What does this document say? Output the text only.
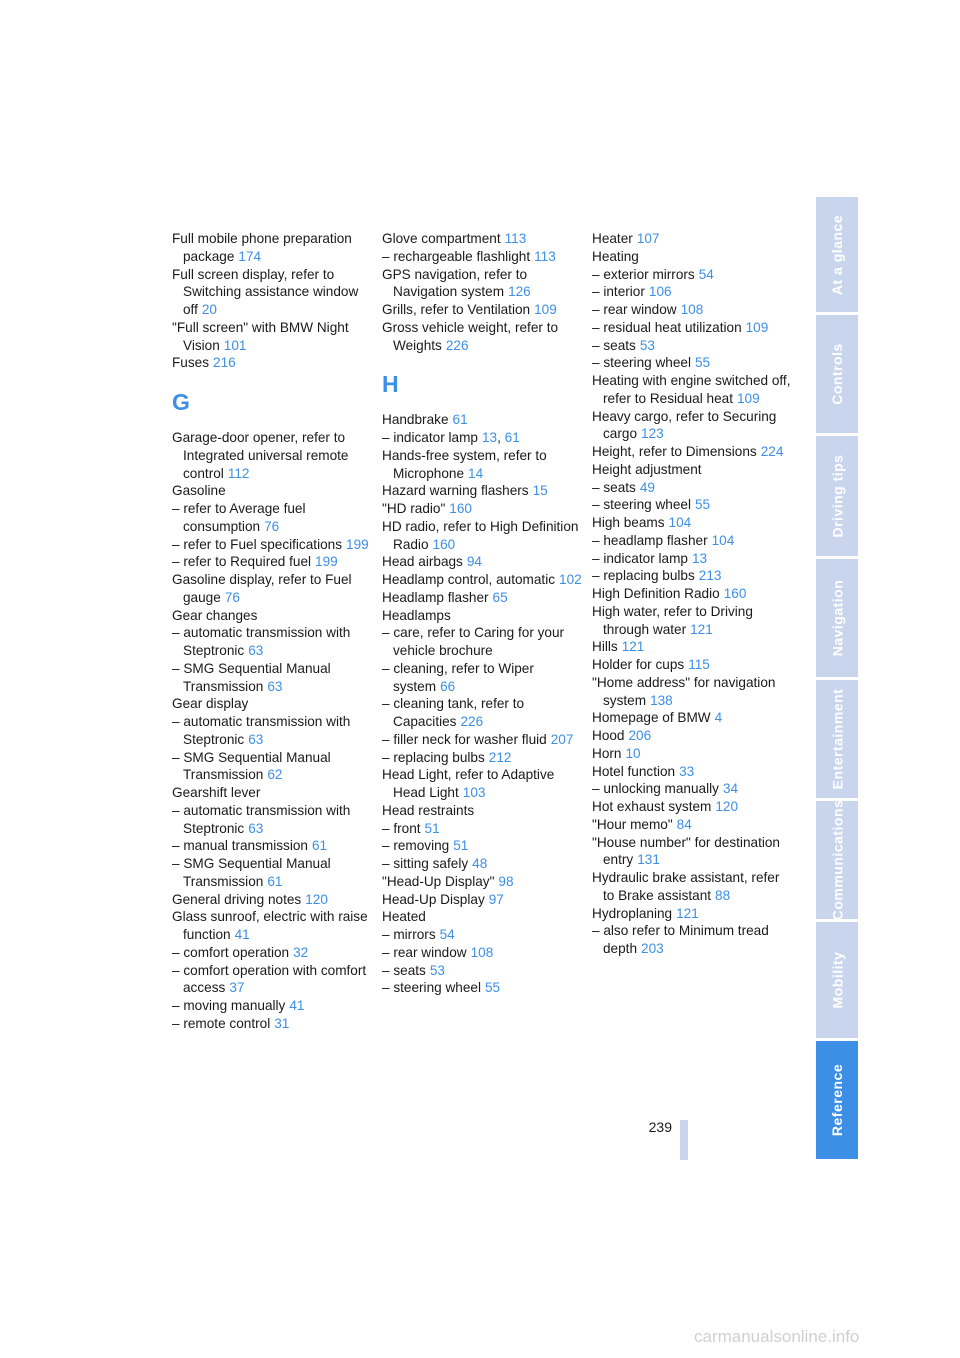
Full mobile phone preparation package 174
Full screen display, refer to Switching assistance window off 20
"Full screen" with BMW Night Vision 101
Fuses 216
G
Garage-door opener, refer to Integrated universal remote control 112
Gasoline
– refer to Average fuel consumption 76
– refer to Fuel specifications 199
– refer to Required fuel 199
Gasoline display, refer to Fuel gauge 76
Gear changes
– automatic transmission with Steptronic 63
– SMG Sequential Manual Transmission 63
Gear display
– automatic transmission with Steptronic 63
– SMG Sequential Manual Transmission 62
Gearshift lever
– automatic transmission with Steptronic 63
– manual transmission 61
– SMG Sequential Manual Transmission 61
General driving notes 120
Glass sunroof, electric with raise function 41
– comfort operation 32
– comfort operation with comfort access 37
– moving manually 41
– remote control 31
Glove compartment 113
– rechargeable flashlight 113
GPS navigation, refer to Navigation system 126
Grills, refer to Ventilation 109
Gross vehicle weight, refer to Weights 226
H
Handbrake 61
– indicator lamp 13, 61
Hands-free system, refer to Microphone 14
Hazard warning flashers 15
"HD radio" 160
HD radio, refer to High Definition Radio 160
Head airbags 94
Headlamp control, automatic 102
Headlamp flasher 65
Headlamps
– care, refer to Caring for your vehicle brochure
– cleaning, refer to Wiper system 66
– cleaning tank, refer to Capacities 226
– filler neck for washer fluid 207
– replacing bulbs 212
Head Light, refer to Adaptive Head Light 103
Head restraints
– front 51
– removing 51
– sitting safely 48
"Head-Up Display" 98
Head-Up Display 97
Heated
– mirrors 54
– rear window 108
– seats 53
– steering wheel 55
Heater 107
Heating
– exterior mirrors 54
– interior 106
– rear window 108
– residual heat utilization 109
– seats 53
– steering wheel 55
Heating with engine switched off, refer to Residual heat 109
Heavy cargo, refer to Securing cargo 123
Height, refer to Dimensions 224
Height adjustment
– seats 49
– steering wheel 55
High beams 104
– headlamp flasher 104
– indicator lamp 13
– replacing bulbs 213
High Definition Radio 160
High water, refer to Driving through water 121
Hills 121
Holder for cups 115
"Home address" for navigation system 138
Homepage of BMW 4
Hood 206
Horn 10
Hotel function 33
– unlocking manually 34
Hot exhaust system 120
"Hour memo" 84
"House number" for destination entry 131
Hydraulic brake assistant, refer to Brake assistant 88
Hydroplaning 121
– also refer to Minimum tread depth 203
At a glance
Controls
Driving tips
Navigation
Entertainment
Communications
Mobility
Reference
239
carmanualsonline.info
